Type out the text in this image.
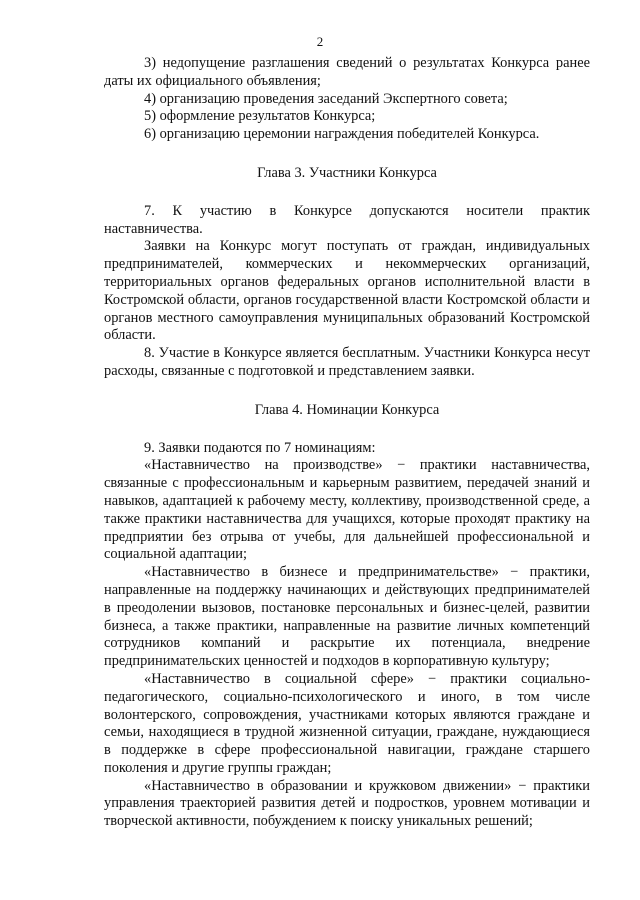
2

3) недопущение разглашения сведений о результатах Конкурса ранее даты их официального объявления;

4) организацию проведения заседаний Экспертного совета;

5) оформление результатов Конкурса;

6) организацию церемонии награждения победителей Конкурса.

Глава 3. Участники Конкурса

7. К участию в Конкурсе допускаются носители практик наставничества.

Заявки на Конкурс могут поступать от граждан, индивидуальных предпринимателей, коммерческих и некоммерческих организаций, территориальных органов федеральных органов исполнительной власти в Костромской области, органов государственной власти Костромской области и органов местного самоуправления муниципальных образований Костромской области.

8. Участие в Конкурсе является бесплатным. Участники Конкурса несут расходы, связанные с подготовкой и представлением заявки.

Глава 4. Номинации Конкурса

9. Заявки подаются по 7 номинациям:

«Наставничество на производстве» − практики наставничества, связанные с профессиональным и карьерным развитием, передачей знаний и навыков, адаптацией к рабочему месту, коллективу, производственной среде, а также практики наставничества для учащихся, которые проходят практику на предприятии без отрыва от учебы, для дальнейшей профессиональной и социальной адаптации;

«Наставничество в бизнесе и предпринимательстве» − практики, направленные на поддержку начинающих и действующих предпринимателей в преодолении вызовов, постановке персональных и бизнес-целей, развитии бизнеса, а также практики, направленные на развитие личных компетенций сотрудников компаний и раскрытие их потенциала, внедрение предпринимательских ценностей и подходов в корпоративную культуру;

«Наставничество в социальной сфере» − практики социально-педагогического, социально-психологического и иного, в том числе волонтерского, сопровождения, участниками которых являются граждане и семьи, находящиеся в трудной жизненной ситуации, граждане, нуждающиеся в поддержке в сфере профессиональной навигации, граждане старшего поколения и другие группы граждан;

«Наставничество в образовании и кружковом движении» − практики управления траекторией развития детей и подростков, уровнем мотивации и творческой активности, побуждением к поиску уникальных решений;
